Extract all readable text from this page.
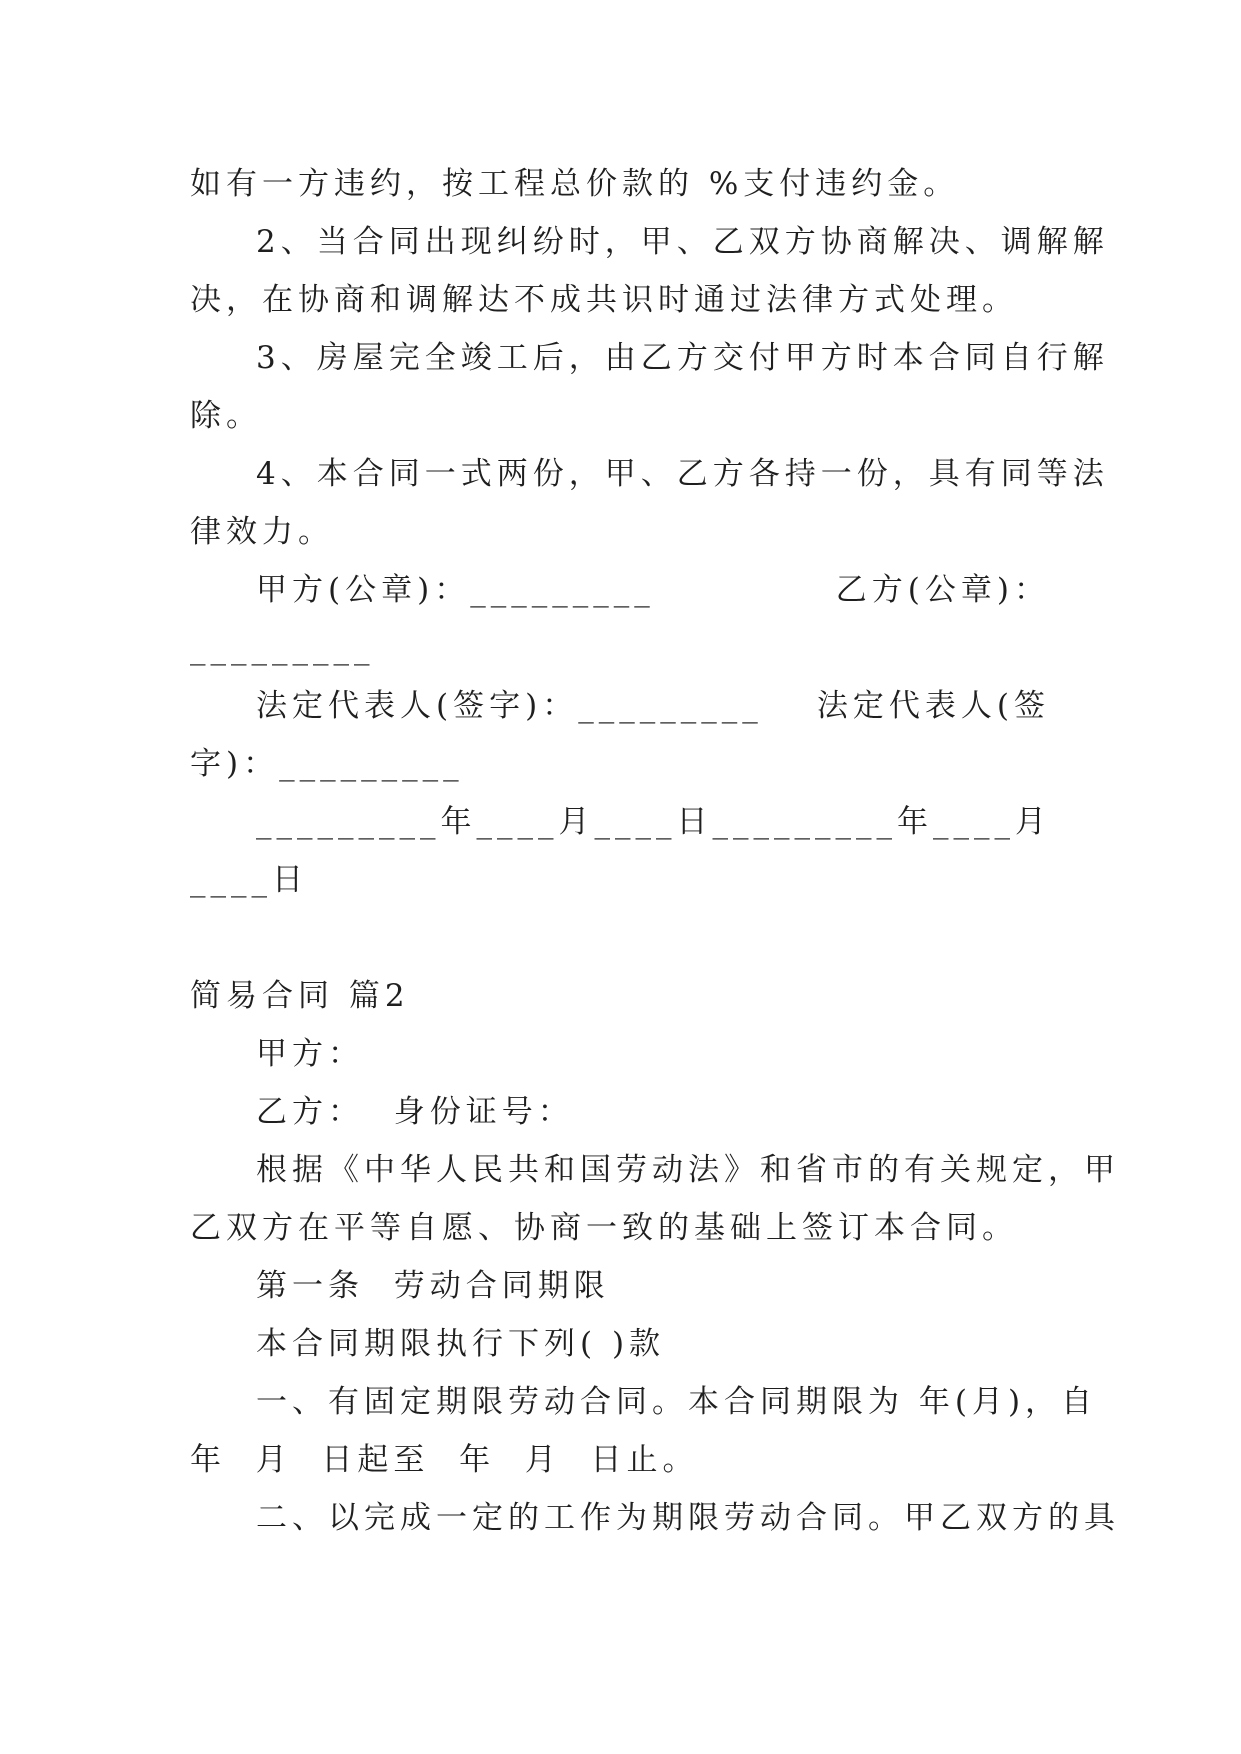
如有一方违约，按工程总价款的 %支付违约金。
2、当合同出现纠纷时，甲、乙双方协商解决、调解解
决，在协商和调解达不成共识时通过法律方式处理。
3、房屋完全竣工后，由乙方交付甲方时本合同自行解
除。
4、本合同一式两份，甲、乙方各持一份，具有同等法
律效力。
甲方(公章)：_________	乙方(公章)：
_________
法定代表人(签字)：_________ 法定代表人(签
字)：_________
_________年____月____日 _________年____月
____日
简易合同 篇2
甲方：
乙方：  身份证号：
根据《中华人民共和国劳动法》和省市的有关规定，甲
乙双方在平等自愿、协商一致的基础上签订本合同。
第一条  劳动合同期限
本合同期限执行下列( )款
一、有固定期限劳动合同。本合同期限为 年(月)，自
年  月  日起至  年  月  日止。
二、以完成一定的工作为期限劳动合同。甲乙双方的具
